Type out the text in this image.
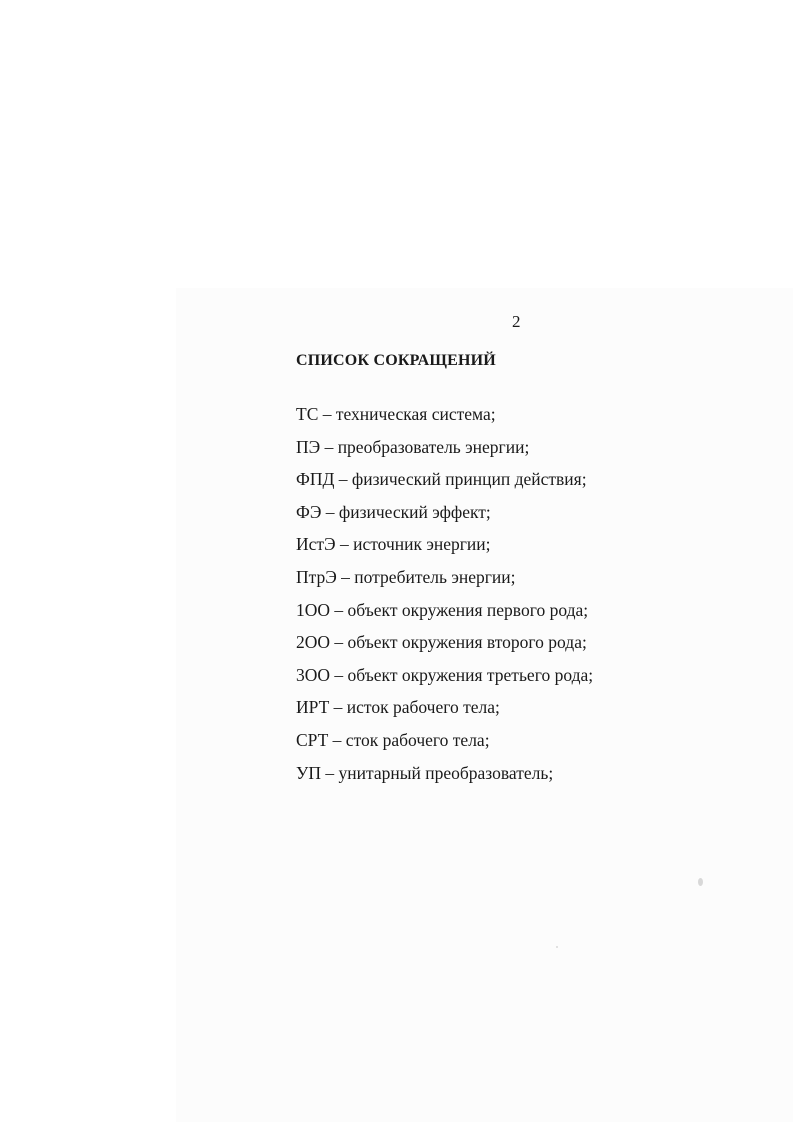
2
СПИСОК СОКРАЩЕНИЙ
ТС – техническая система;
ПЭ – преобразователь энергии;
ФПД – физический принцип действия;
ФЭ – физический эффект;
ИстЭ – источник энергии;
ПтрЭ – потребитель энергии;
1ОО – объект окружения первого рода;
2ОО – объект окружения второго рода;
3ОО – объект окружения третьего рода;
ИРТ – исток рабочего тела;
СРТ – сток рабочего тела;
УП – унитарный преобразователь;
